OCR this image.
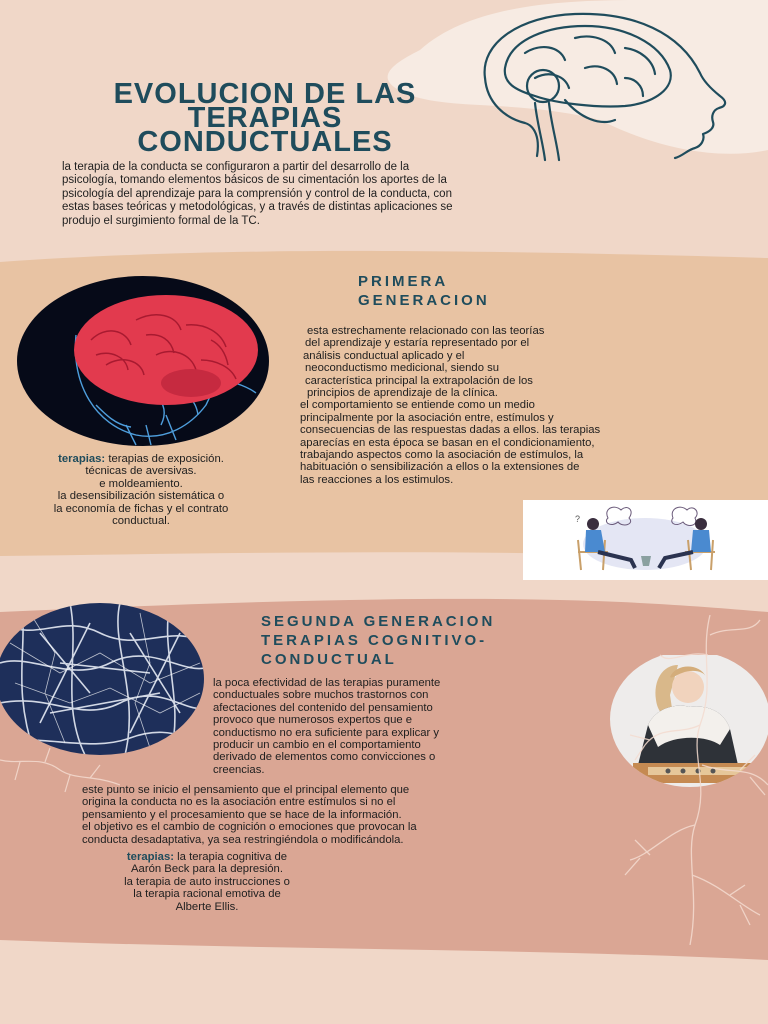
EVOLUCION DE LAS
TERAPIAS
CONDUCTUALES
la terapia de la conducta se configuraron a partir del desarrollo de la
psicología, tomando elementos básicos de su cimentación los aportes de la
psicología del aprendizaje para la comprensión y control de la conducta, con
estas bases teóricas y metodológicas, y a través de distintas aplicaciones se
produjo el surgimiento formal de la TC.
PRIMERA
GENERACION
esta estrechamente relacionado con las teorías
del aprendizaje y estaría representado por el
análisis conductual aplicado y el
neoconductismo medicional, siendo su
característica principal la extrapolación de los
principios de aprendizaje de la clínica.
el comportamiento se entiende como un medio
principalmente por la asociación entre, estímulos y
consecuencias de las respuestas dadas a ellos. las terapias
aparecías en esta época se basan en el condicionamiento,
trabajando aspectos como la asociación de estímulos, la
habituación o sensibilización a ellos o la extensiones de
las reacciones a los estimulos.
terapias: terapias de exposición.
técnicas de aversivas.
e moldeamiento.
la desensibilización sistemática o
la economía de fichas y el contrato
conductual.	?
SEGUNDA GENERACION
TERAPIAS COGNITIVO-
CONDUCTUAL
la poca efectividad de las terapias puramente
conductuales sobre muchos trastornos con
afectaciones del contenido del pensamiento
provoco que numerosos expertos que e
conductismo no era suficiente para explicar y
producir un cambio en el comportamiento
derivado de elementos como convicciones o
creencias.
este punto se inicio el pensamiento que el principal elemento que
origina la conducta no es la asociación entre estímulos si no el
pensamiento y el procesamiento que se hace de la información.
el objetivo es el cambio de cognición o emociones que provocan la
conducta desadaptativa, ya sea restringiéndola o modificándola.
terapias: la terapia cognitiva de
Aarón Beck para la depresión.
la terapia de auto instrucciones o
la terapia racional emotiva de
Alberte Ellis.
